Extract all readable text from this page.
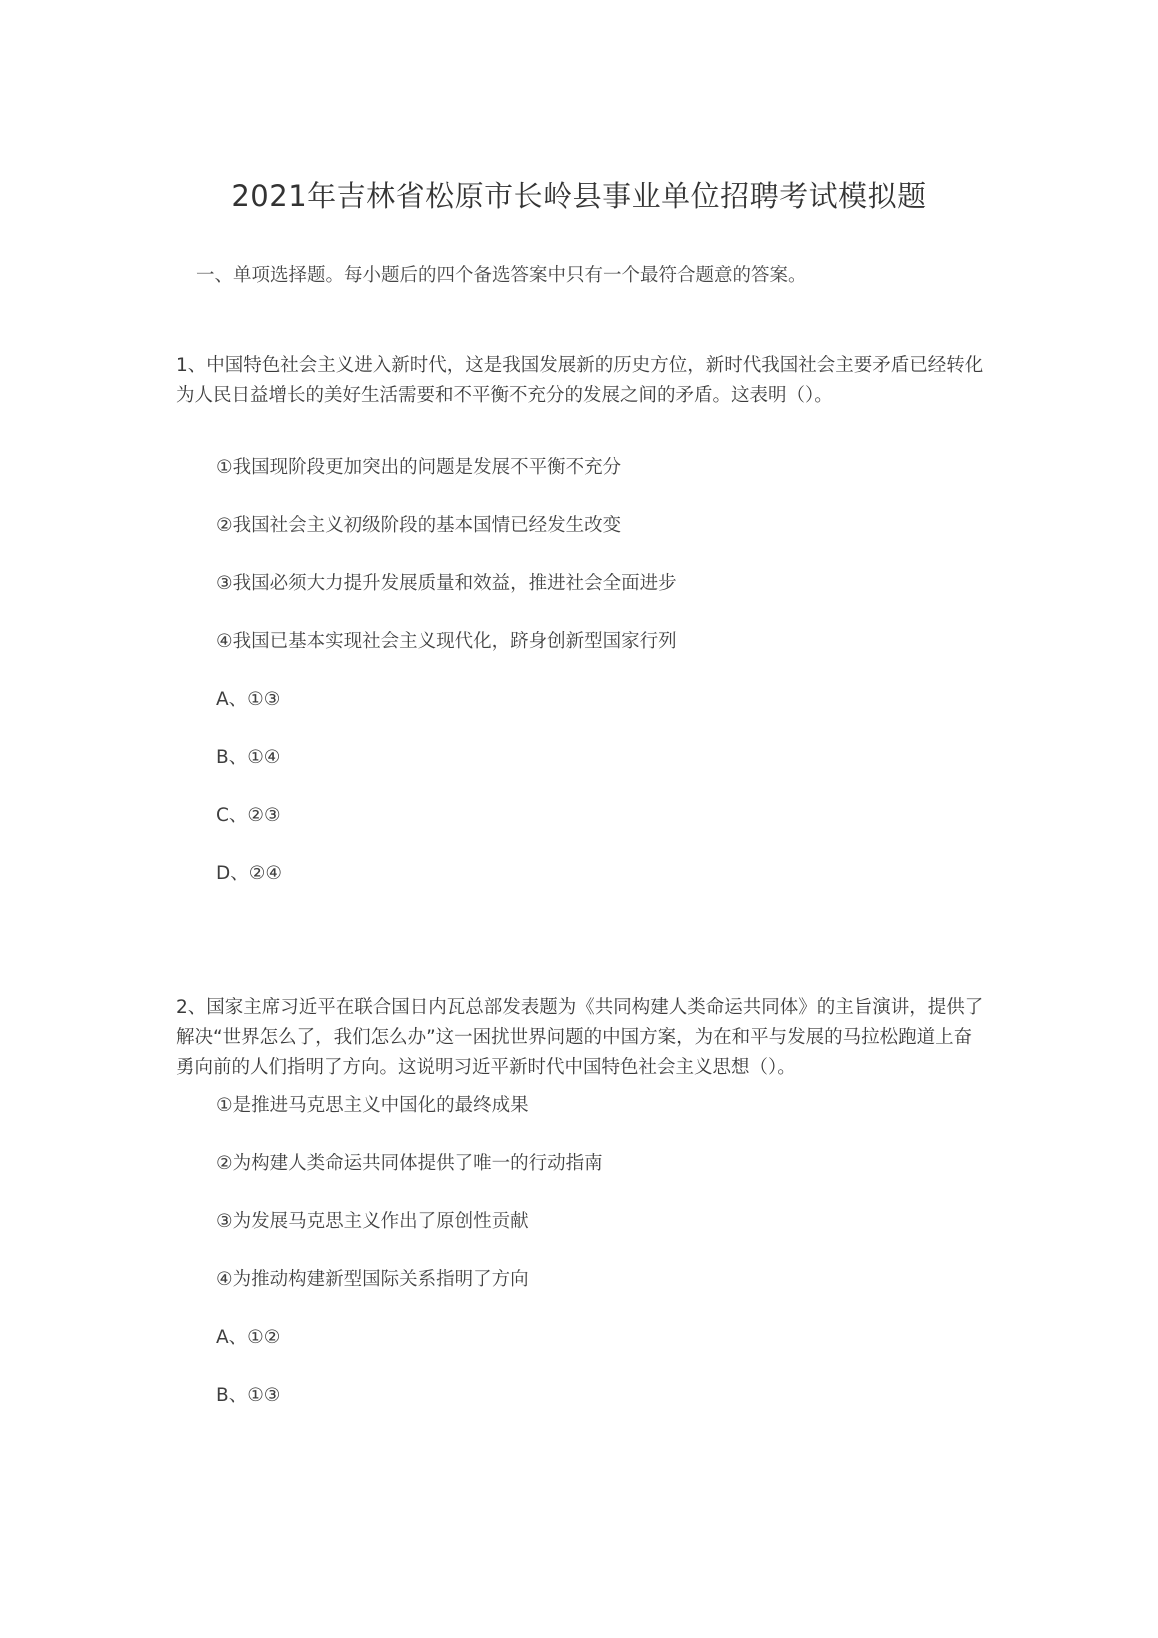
2021年吉林省松原市长岭县事业单位招聘考试模拟题
一、单项选择题。每小题后的四个备选答案中只有一个最符合题意的答案。
1、中国特色社会主义进入新时代，这是我国发展新的历史方位，新时代我国社会主要矛盾已经转化为人民日益增长的美好生活需要和不平衡不充分的发展之间的矛盾。这表明（）。
①我国现阶段更加突出的问题是发展不平衡不充分
②我国社会主义初级阶段的基本国情已经发生改变
③我国必须大力提升发展质量和效益，推进社会全面进步
④我国已基本实现社会主义现代化，跻身创新型国家行列
A、①③
B、①④
C、②③
D、②④
2、国家主席习近平在联合国日内瓦总部发表题为《共同构建人类命运共同体》的主旨演讲，提供了解决“世界怎么了，我们怎么办”这一困扰世界问题的中国方案，为在和平与发展的马拉松跑道上奋勇向前的人们指明了方向。这说明习近平新时代中国特色社会主义思想（）。
①是推进马克思主义中国化的最终成果
②为构建人类命运共同体提供了唯一的行动指南
③为发展马克思主义作出了原创性贡献
④为推动构建新型国际关系指明了方向
A、①②
B、①③
